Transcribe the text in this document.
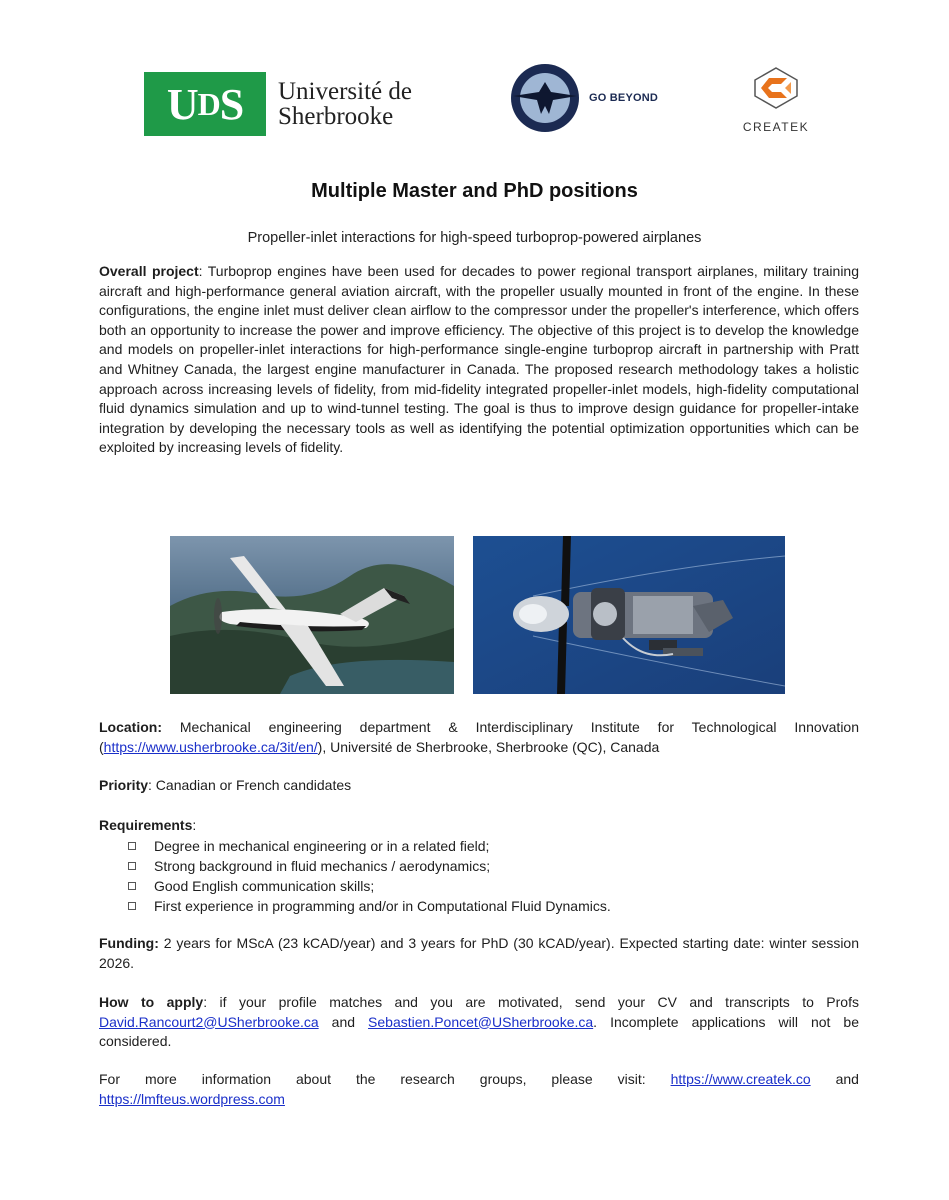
U D S Université de
Sherbrooke
GO BEYOND
CREATEK
Multiple Master and PhD positions
Propeller-inlet interactions for high-speed turboprop-powered airplanes
Overall project: Turboprop engines have been used for decades to power regional transport airplanes, military training aircraft and high-performance general aviation aircraft, with the propeller usually mounted in front of the engine. In these configurations, the engine inlet must deliver clean airflow to the compressor under the propeller's interference, which offers both an opportunity to increase the power and improve efficiency. The objective of this project is to develop the knowledge and models on propeller-inlet interactions for high-performance single-engine turboprop aircraft in partnership with Pratt and Whitney Canada, the largest engine manufacturer in Canada. The proposed research methodology takes a holistic approach across increasing levels of fidelity, from mid-fidelity integrated propeller-inlet models, high-fidelity computational fluid dynamics simulation and up to wind-tunnel testing. The goal is thus to improve design guidance for propeller-intake integration by developing the necessary tools as well as identifying the potential optimization opportunities which can be exploited by increasing levels of fidelity.
Location: Mechanical engineering department & Interdisciplinary Institute for Technological Innovation (https://www.usherbrooke.ca/3it/en/), Université de Sherbrooke, Sherbrooke (QC), Canada
Priority: Canadian or French candidates
Requirements:
Degree in mechanical engineering or in a related field;
Strong background in fluid mechanics / aerodynamics;
Good English communication skills;
First experience in programming and/or in Computational Fluid Dynamics.
Funding: 2 years for MScA (23 kCAD/year) and 3 years for PhD (30 kCAD/year). Expected starting date: winter session 2026.
How to apply: if your profile matches and you are motivated, send your CV and transcripts to Profs David.Rancourt2@USherbrooke.ca and Sebastien.Poncet@USherbrooke.ca. Incomplete applications will not be considered.
For more information about the research groups, please visit: https://www.createk.co and
https://lmfteus.wordpress.com
